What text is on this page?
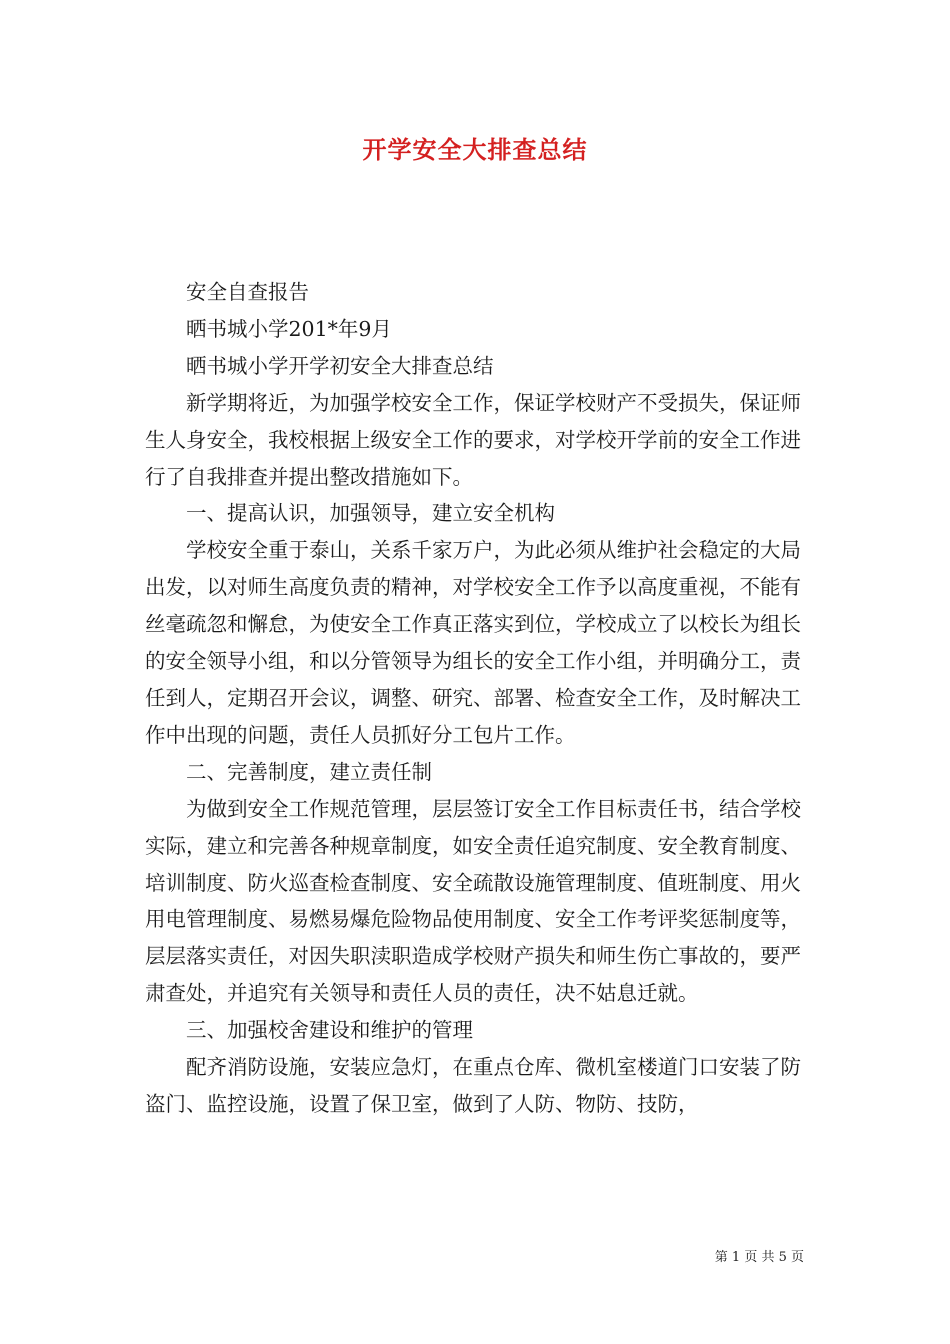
开学安全大排查总结

安全自查报告

晒书城小学201*年9月

晒书城小学开学初安全大排查总结

新学期将近，为加强学校安全工作，保证学校财产不受损失，保证师生人身安全，我校根据上级安全工作的要求，对学校开学前的安全工作进行了自我排查并提出整改措施如下。

一、提高认识，加强领导，建立安全机构

学校安全重于泰山，关系千家万户，为此必须从维护社会稳定的大局出发，以对师生高度负责的精神，对学校安全工作予以高度重视，不能有丝毫疏忽和懈怠，为使安全工作真正落实到位，学校成立了以校长为组长的安全领导小组，和以分管领导为组长的安全工作小组，并明确分工，责任到人，定期召开会议，调整、研究、部署、检查安全工作，及时解决工作中出现的问题，责任人员抓好分工包片工作。

二、完善制度，建立责任制

为做到安全工作规范管理，层层签订安全工作目标责任书，结合学校实际，建立和完善各种规章制度，如安全责任追究制度、安全教育制度、培训制度、防火巡查检查制度、安全疏散设施管理制度、值班制度、用火用电管理制度、易燃易爆危险物品使用制度、安全工作考评奖惩制度等，层层落实责任，对因失职渎职造成学校财产损失和师生伤亡事故的，要严肃查处，并追究有关领导和责任人员的责任，决不姑息迁就。

三、加强校舍建设和维护的管理

配齐消防设施，安装应急灯，在重点仓库、微机室楼道门口安装了防盗门、监控设施，设置了保卫室，做到了人防、物防、技防，

第 1 页 共 5 页
